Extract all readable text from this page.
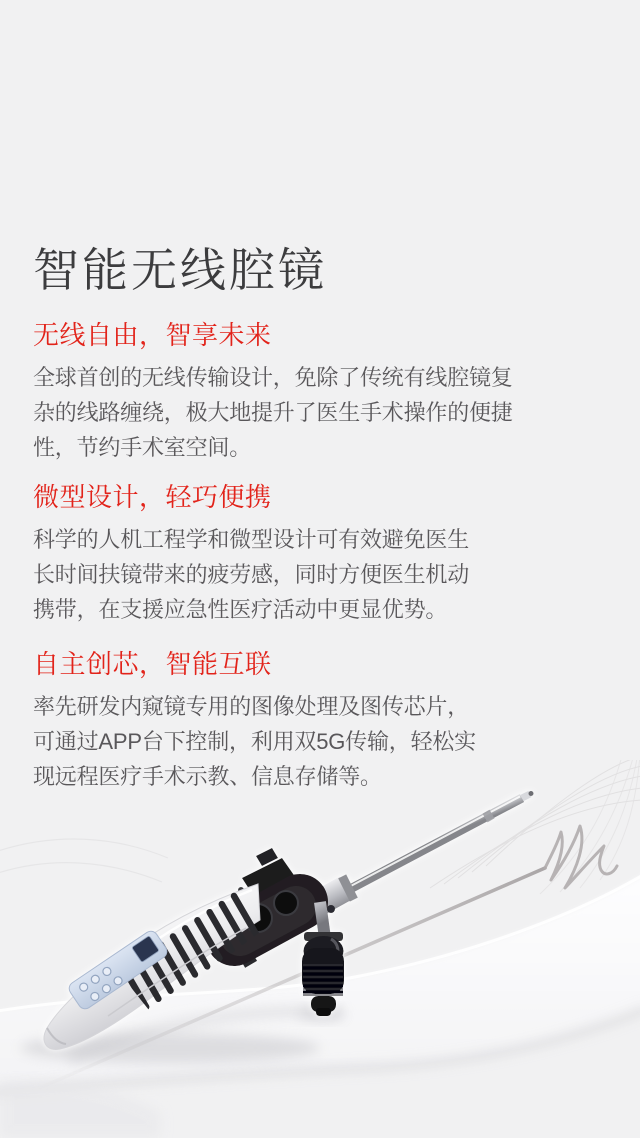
智能无线腔镜
无线自由，智享未来
全球首创的无线传输设计，免除了传统有线腔镜复
杂的线路缠绕，极大地提升了医生手术操作的便捷
性，节约手术室空间。
微型设计，轻巧便携
科学的人机工程学和微型设计可有效避免医生
长时间扶镜带来的疲劳感，同时方便医生机动
携带，在支援应急性医疗活动中更显优势。
自主创芯，智能互联
率先研发内窥镜专用的图像处理及图传芯片，
可通过APP台下控制，利用双5G传输，轻松实
现远程医疗手术示教、信息存储等。
